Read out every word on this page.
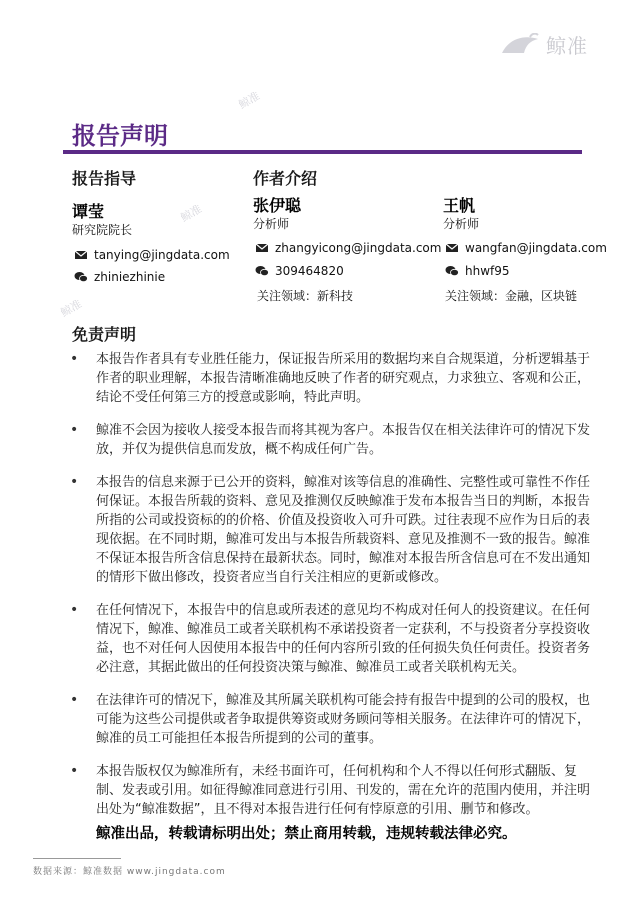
鲸准
鲸准
鲸准
鲸准
报告声明
报告指导
谭莹
研究院院长
tanying@jingdata.com
zhiniezhinie
作者介绍
张伊聪
分析师
zhangyicong@jingdata.com
309464820
关注领域：新科技
王帆
分析师
wangfan@jingdata.com
hhwf95
关注领域：金融，区块链
免责声明
• 本报告作者具有专业胜任能力，保证报告所采用的数据均来自合规渠道，分析逻辑基于作者的职业理解，本报告清晰准确地反映了作者的研究观点，力求独立、客观和公正，结论不受任何第三方的授意或影响，特此声明。
• 鲸准不会因为接收人接受本报告而将其视为客户。本报告仅在相关法律许可的情况下发放，并仅为提供信息而发放，概不构成任何广告。
• 本报告的信息来源于已公开的资料，鲸准对该等信息的准确性、完整性或可靠性不作任何保证。本报告所载的资料、意见及推测仅反映鲸准于发布本报告当日的判断，本报告所指的公司或投资标的的价格、价值及投资收入可升可跌。过往表现不应作为日后的表现依据。在不同时期，鲸准可发出与本报告所载资料、意见及推测不一致的报告。鲸准不保证本报告所含信息保持在最新状态。同时，鲸准对本报告所含信息可在不发出通知的情形下做出修改，投资者应当自行关注相应的更新或修改。
• 在任何情况下，本报告中的信息或所表述的意见均不构成对任何人的投资建议。在任何情况下，鲸准、鲸准员工或者关联机构不承诺投资者一定获利，不与投资者分享投资收益，也不对任何人因使用本报告中的任何内容所引致的任何损失负任何责任。投资者务必注意，其据此做出的任何投资决策与鲸准、鲸准员工或者关联机构无关。
• 在法律许可的情况下，鲸准及其所属关联机构可能会持有报告中提到的公司的股权，也可能为这些公司提供或者争取提供筹资或财务顾问等相关服务。在法律许可的情况下，鲸准的员工可能担任本报告所提到的公司的董事。
• 本报告版权仅为鲸准所有，未经书面许可，任何机构和个人不得以任何形式翻版、复制、发表或引用。如征得鲸准同意进行引用、刊发的，需在允许的范围内使用，并注明出处为“鲸准数据”，且不得对本报告进行任何有悖原意的引用、删节和修改。
鲸准出品，转载请标明出处；禁止商用转载，违规转载法律必究。
数据来源：鲸准数据 www.jingdata.com
